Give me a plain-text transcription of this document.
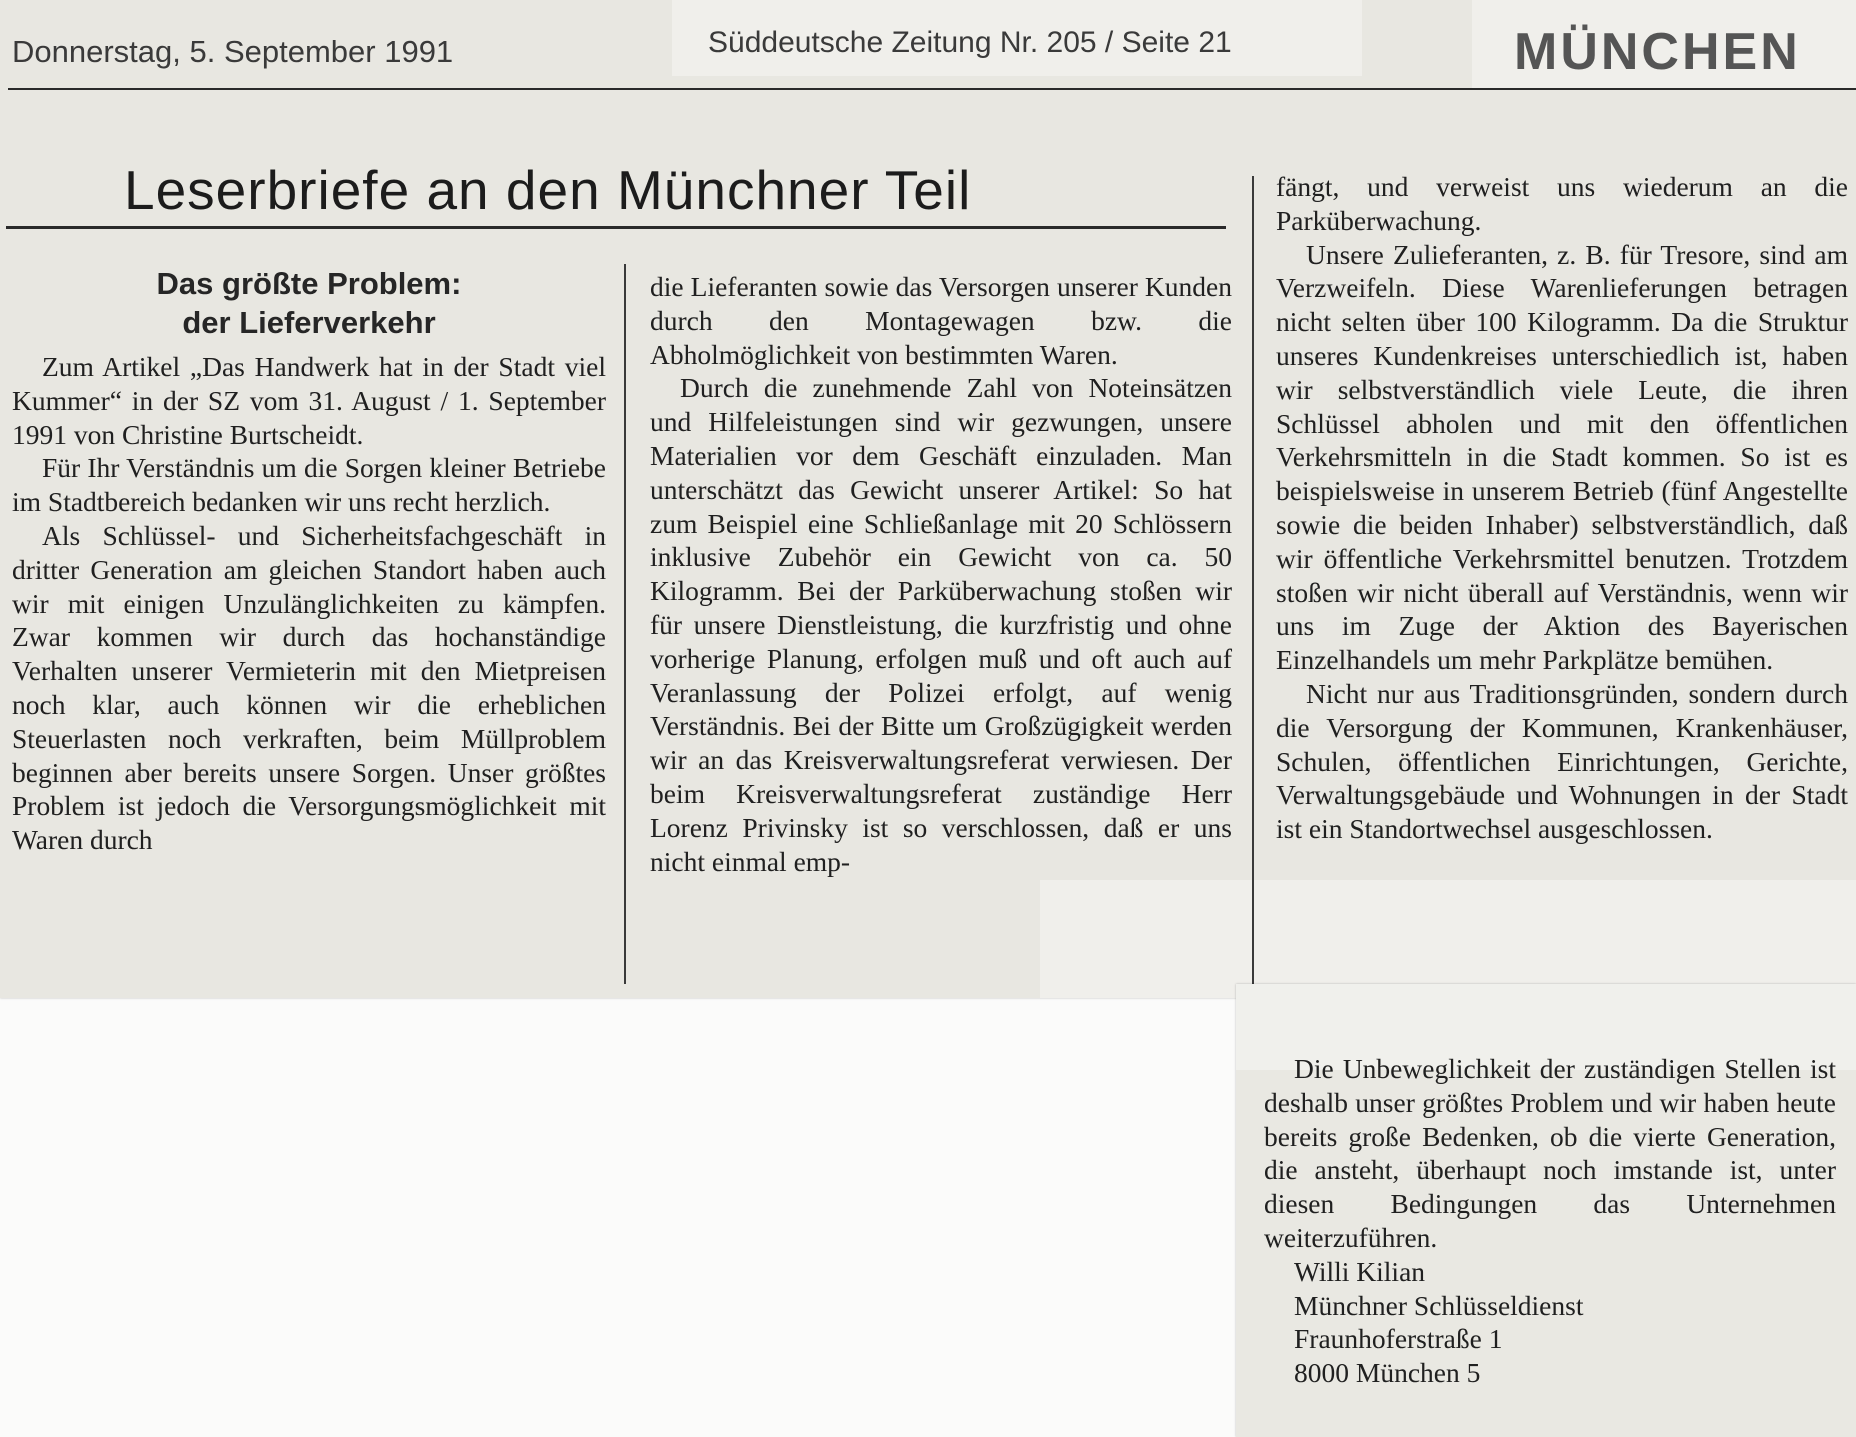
Donnerstag, 5. September 1991	Süddeutsche Zeitung Nr. 205 / Seite 21	MÜNCHEN
Leserbriefe an den Münchner Teil
Das größte Problem:
der Lieferverkehr

Zum Artikel „Das Handwerk hat in der Stadt viel Kummer“ in der SZ vom 31. August / 1. September 1991 von Christine Burtscheidt.

Für Ihr Verständnis um die Sorgen kleiner Betriebe im Stadtbereich bedanken wir uns recht herzlich.

Als Schlüssel- und Sicherheitsfachgeschäft in dritter Generation am gleichen Standort haben auch wir mit einigen Unzulänglichkeiten zu kämpfen. Zwar kommen wir durch das hochanständige Verhalten unserer Vermieterin mit den Mietpreisen noch klar, auch können wir die erheblichen Steuerlasten noch verkraften, beim Müllproblem beginnen aber bereits unsere Sorgen. Unser größtes Problem ist jedoch die Versorgungsmöglichkeit mit Waren durch

die Lieferanten sowie das Versorgen unserer Kunden durch den Montagewagen bzw. die Abholmöglichkeit von bestimmten Waren.

Durch die zunehmende Zahl von Noteinsätzen und Hilfeleistungen sind wir gezwungen, unsere Materialien vor dem Geschäft einzuladen. Man unterschätzt das Gewicht unserer Artikel: So hat zum Beispiel eine Schließanlage mit 20 Schlössern inklusive Zubehör ein Gewicht von ca. 50 Kilogramm. Bei der Parküberwachung stoßen wir für unsere Dienstleistung, die kurzfristig und ohne vorherige Planung, erfolgen muß und oft auch auf Veranlassung der Polizei erfolgt, auf wenig Verständnis. Bei der Bitte um Großzügigkeit werden wir an das Kreisverwaltungsreferat verwiesen. Der beim Kreisverwaltungsreferat zuständige Herr Lorenz Privinsky ist so verschlossen, daß er uns nicht einmal emp-

fängt, und verweist uns wiederum an die Parküberwachung.

Unsere Zulieferanten, z. B. für Tresore, sind am Verzweifeln. Diese Warenlieferungen betragen nicht selten über 100 Kilogramm. Da die Struktur unseres Kundenkreises unterschiedlich ist, haben wir selbstverständlich viele Leute, die ihren Schlüssel abholen und mit den öffentlichen Verkehrsmitteln in die Stadt kommen. So ist es beispielsweise in unserem Betrieb (fünf Angestellte sowie die beiden Inhaber) selbstverständlich, daß wir öffentliche Verkehrsmittel benutzen. Trotzdem stoßen wir nicht überall auf Verständnis, wenn wir uns im Zuge der Aktion des Bayerischen Einzelhandels um mehr Parkplätze bemühen.

Nicht nur aus Traditionsgründen, sondern durch die Versorgung der Kommunen, Krankenhäuser, Schulen, öffentlichen Einrichtungen, Gerichte, Verwaltungsgebäude und Wohnungen in der Stadt ist ein Standortwechsel ausgeschlossen.

Die Unbeweglichkeit der zuständigen Stellen ist deshalb unser größtes Problem und wir haben heute bereits große Bedenken, ob die vierte Generation, die ansteht, überhaupt noch imstande ist, unter diesen Bedingungen das Unternehmen weiterzuführen.

Willi Kilian

Münchner Schlüsseldienst

Fraunhoferstraße 1

8000 München 5
